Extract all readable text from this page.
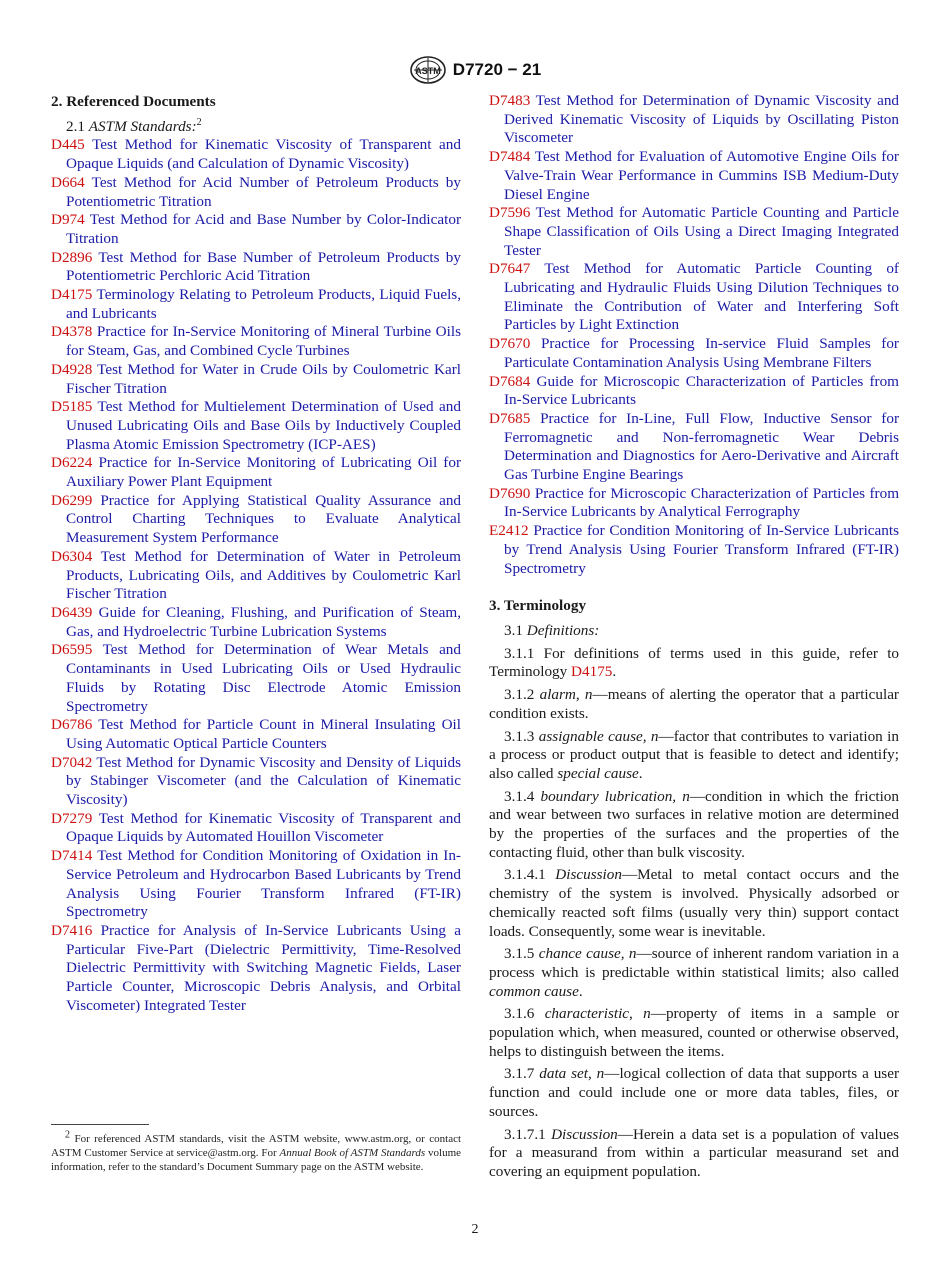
ASTM D7720 − 21
2. Referenced Documents
2.1 ASTM Standards:$^2$
D445 Test Method for Kinematic Viscosity of Transparent and Opaque Liquids (and Calculation of Dynamic Viscosity)
D664 Test Method for Acid Number of Petroleum Products by Potentiometric Titration
D974 Test Method for Acid and Base Number by Color-Indicator Titration
D2896 Test Method for Base Number of Petroleum Products by Potentiometric Perchloric Acid Titration
D4175 Terminology Relating to Petroleum Products, Liquid Fuels, and Lubricants
D4378 Practice for In-Service Monitoring of Mineral Turbine Oils for Steam, Gas, and Combined Cycle Turbines
D4928 Test Method for Water in Crude Oils by Coulometric Karl Fischer Titration
D5185 Test Method for Multielement Determination of Used and Unused Lubricating Oils and Base Oils by Inductively Coupled Plasma Atomic Emission Spectrometry (ICP-AES)
D6224 Practice for In-Service Monitoring of Lubricating Oil for Auxiliary Power Plant Equipment
D6299 Practice for Applying Statistical Quality Assurance and Control Charting Techniques to Evaluate Analytical Measurement System Performance
D6304 Test Method for Determination of Water in Petroleum Products, Lubricating Oils, and Additives by Coulometric Karl Fischer Titration
D6439 Guide for Cleaning, Flushing, and Purification of Steam, Gas, and Hydroelectric Turbine Lubrication Systems
D6595 Test Method for Determination of Wear Metals and Contaminants in Used Lubricating Oils or Used Hydraulic Fluids by Rotating Disc Electrode Atomic Emission Spectrometry
D6786 Test Method for Particle Count in Mineral Insulating Oil Using Automatic Optical Particle Counters
D7042 Test Method for Dynamic Viscosity and Density of Liquids by Stabinger Viscometer (and the Calculation of Kinematic Viscosity)
D7279 Test Method for Kinematic Viscosity of Transparent and Opaque Liquids by Automated Houillon Viscometer
D7414 Test Method for Condition Monitoring of Oxidation in In-Service Petroleum and Hydrocarbon Based Lubricants by Trend Analysis Using Fourier Transform Infrared (FT-IR) Spectrometry
D7416 Practice for Analysis of In-Service Lubricants Using a Particular Five-Part (Dielectric Permittivity, Time-Resolved Dielectric Permittivity with Switching Magnetic Fields, Laser Particle Counter, Microscopic Debris Analysis, and Orbital Viscometer) Integrated Tester
D7483 Test Method for Determination of Dynamic Viscosity and Derived Kinematic Viscosity of Liquids by Oscillating Piston Viscometer
D7484 Test Method for Evaluation of Automotive Engine Oils for Valve-Train Wear Performance in Cummins ISB Medium-Duty Diesel Engine
D7596 Test Method for Automatic Particle Counting and Particle Shape Classification of Oils Using a Direct Imaging Integrated Tester
D7647 Test Method for Automatic Particle Counting of Lubricating and Hydraulic Fluids Using Dilution Techniques to Eliminate the Contribution of Water and Interfering Soft Particles by Light Extinction
D7670 Practice for Processing In-service Fluid Samples for Particulate Contamination Analysis Using Membrane Filters
D7684 Guide for Microscopic Characterization of Particles from In-Service Lubricants
D7685 Practice for In-Line, Full Flow, Inductive Sensor for Ferromagnetic and Non-ferromagnetic Wear Debris Determination and Diagnostics for Aero-Derivative and Aircraft Gas Turbine Engine Bearings
D7690 Practice for Microscopic Characterization of Particles from In-Service Lubricants by Analytical Ferrography
E2412 Practice for Condition Monitoring of In-Service Lubricants by Trend Analysis Using Fourier Transform Infrared (FT-IR) Spectrometry
3. Terminology
3.1 Definitions:
3.1.1 For definitions of terms used in this guide, refer to Terminology D4175.
3.1.2 alarm, n—means of alerting the operator that a particular condition exists.
3.1.3 assignable cause, n—factor that contributes to variation in a process or product output that is feasible to detect and identify; also called special cause.
3.1.4 boundary lubrication, n—condition in which the friction and wear between two surfaces in relative motion are determined by the properties of the surfaces and the properties of the contacting fluid, other than bulk viscosity.
3.1.4.1 Discussion—Metal to metal contact occurs and the chemistry of the system is involved. Physically adsorbed or chemically reacted soft films (usually very thin) support contact loads. Consequently, some wear is inevitable.
3.1.5 chance cause, n—source of inherent random variation in a process which is predictable within statistical limits; also called common cause.
3.1.6 characteristic, n—property of items in a sample or population which, when measured, counted or otherwise observed, helps to distinguish between the items.
3.1.7 data set, n—logical collection of data that supports a user function and could include one or more data tables, files, or sources.
3.1.7.1 Discussion—Herein a data set is a population of values for a measurand from within a particular measurand set and covering an equipment population.
$^2$ For referenced ASTM standards, visit the ASTM website, www.astm.org, or contact ASTM Customer Service at service@astm.org. For Annual Book of ASTM Standards volume information, refer to the standard’s Document Summary page on the ASTM website.
2
